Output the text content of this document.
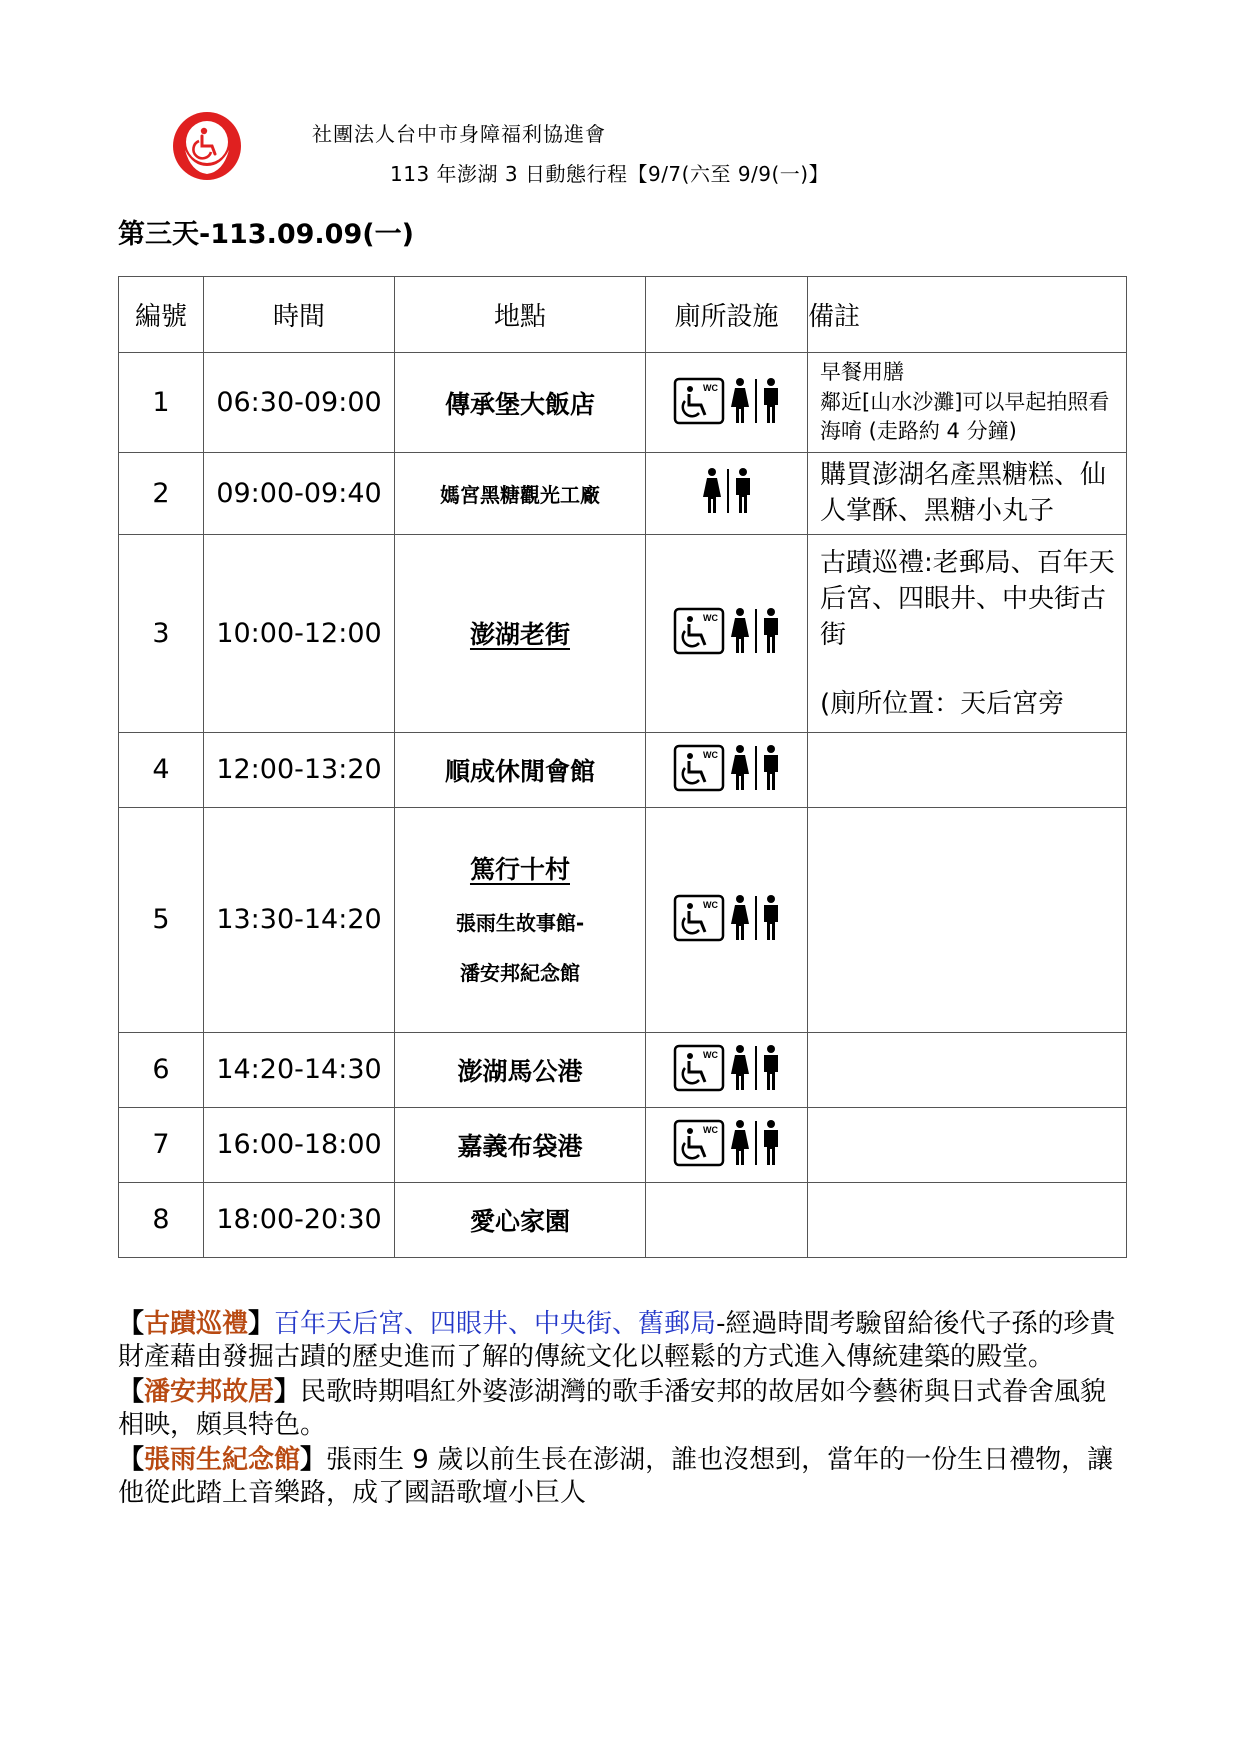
社團法人台中市身障福利協進會
113 年澎湖 3 日動態行程【9/7(六至 9/9(一)】
第三天-113.09.09(一)
編號	時間	地點	廁所設施	備註
1	06:30-09:00	傳承堡大飯店	WC	早餐用膳
鄰近[山水沙灘]可以早起拍照看海唷 (走路約 4 分鐘)

2	09:00-09:40	媽宮黑糖觀光工廠		購買澎湖名產黑糖糕、仙人掌酥、黑糖小丸子

3	10:00-12:00	澎湖老街	WC	古蹟巡禮:老郵局、百年天后宮、四眼井、中央街古街
(廁所位置：天后宮旁

4	12:00-13:20	順成休閒會館	WC	

5	13:30-14:20	篤行十村
張雨生故事館-
潘安邦紀念館	WC	

6	14:20-14:30	澎湖馬公港	WC	

7	16:00-18:00	嘉義布袋港	WC	

8	18:00-20:30	愛心家園		

【古蹟巡禮】百年天后宮、四眼井、中央街、舊郵局-經過時間考驗留給後代子孫的珍貴財產藉由發掘古蹟的歷史進而了解的傳統文化以輕鬆的方式進入傳統建築的殿堂。

【潘安邦故居】民歌時期唱紅外婆澎湖灣的歌手潘安邦的故居如今藝術與日式眷舍風貌相映，頗具特色。

【張雨生紀念館】張雨生 9 歲以前生長在澎湖，誰也沒想到，當年的一份生日禮物，讓他從此踏上音樂路，成了國語歌壇小巨人
